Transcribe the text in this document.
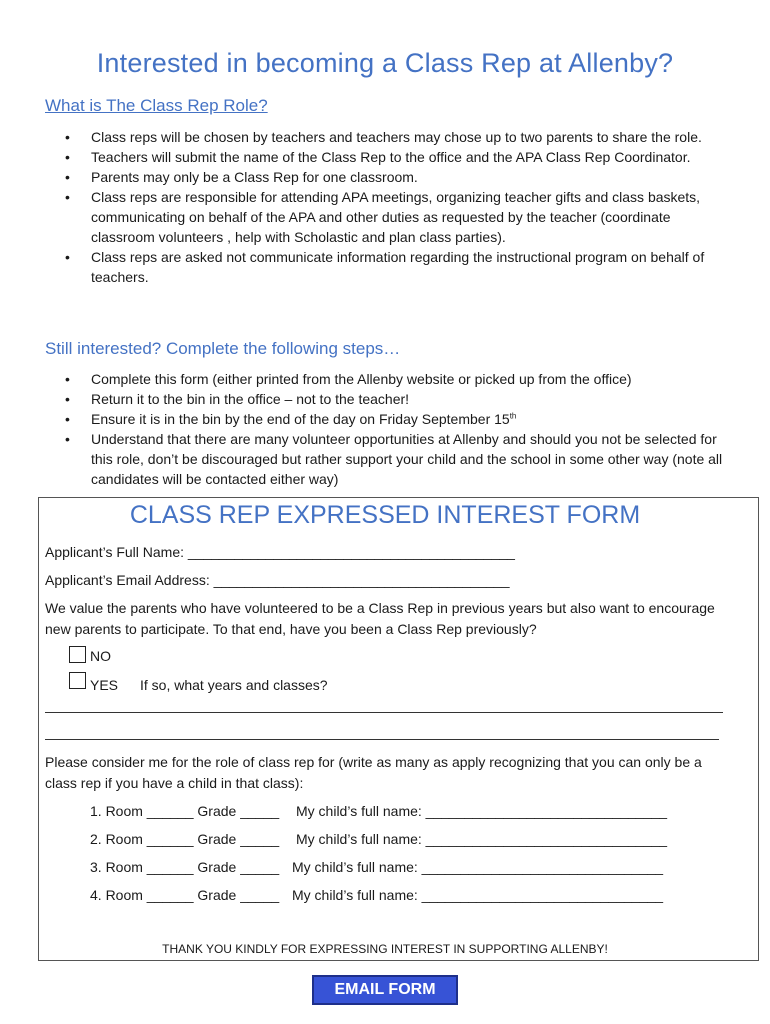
Interested in becoming a Class Rep at Allenby?
What is The Class Rep Role?
• Class reps will be chosen by teachers and teachers may chose up to two parents to share the role.
• Teachers will submit the name of the Class Rep to the office and the APA Class Rep Coordinator.
• Parents may only be a Class Rep for one classroom.
• Class reps are responsible for attending APA meetings, organizing teacher gifts and class baskets, communicating on behalf of the APA and other duties as requested by the teacher (coordinate classroom volunteers , help with Scholastic and plan class parties).
• Class reps are asked not communicate information regarding the instructional program on behalf of teachers.
Still interested? Complete the following steps…
• Complete this form (either printed from the Allenby website or picked up from the office)
• Return it to the bin in the office – not to the teacher!
• Ensure it is in the bin by the end of the day on Friday September 15th
• Understand that there are many volunteer opportunities at Allenby and should you not be selected for this role, don’t be discouraged but rather support your child and the school in some other way (note all candidates will be contacted either way)
CLASS REP EXPRESSED INTEREST FORM
Applicant’s Full Name: __________________________________________
Applicant’s Email Address: ______________________________________
We value the parents who have volunteered to be a Class Rep in previous years but also want to encourage new parents to participate. To that end, have you been a Class Rep previously?
NO
YES If so, what years and classes?
Please consider me for the role of class rep for (write as many as apply recognizing that you can only be a class rep if you have a child in that class):
1. Room ______ Grade _____ My child’s full name: _______________________________
2. Room ______ Grade _____ My child’s full name: _______________________________
3. Room ______ Grade _____ My child’s full name: _______________________________
4. Room ______ Grade _____ My child’s full name: _______________________________
THANK YOU KINDLY FOR EXPRESSING INTEREST IN SUPPORTING ALLENBY!
EMAIL FORM
